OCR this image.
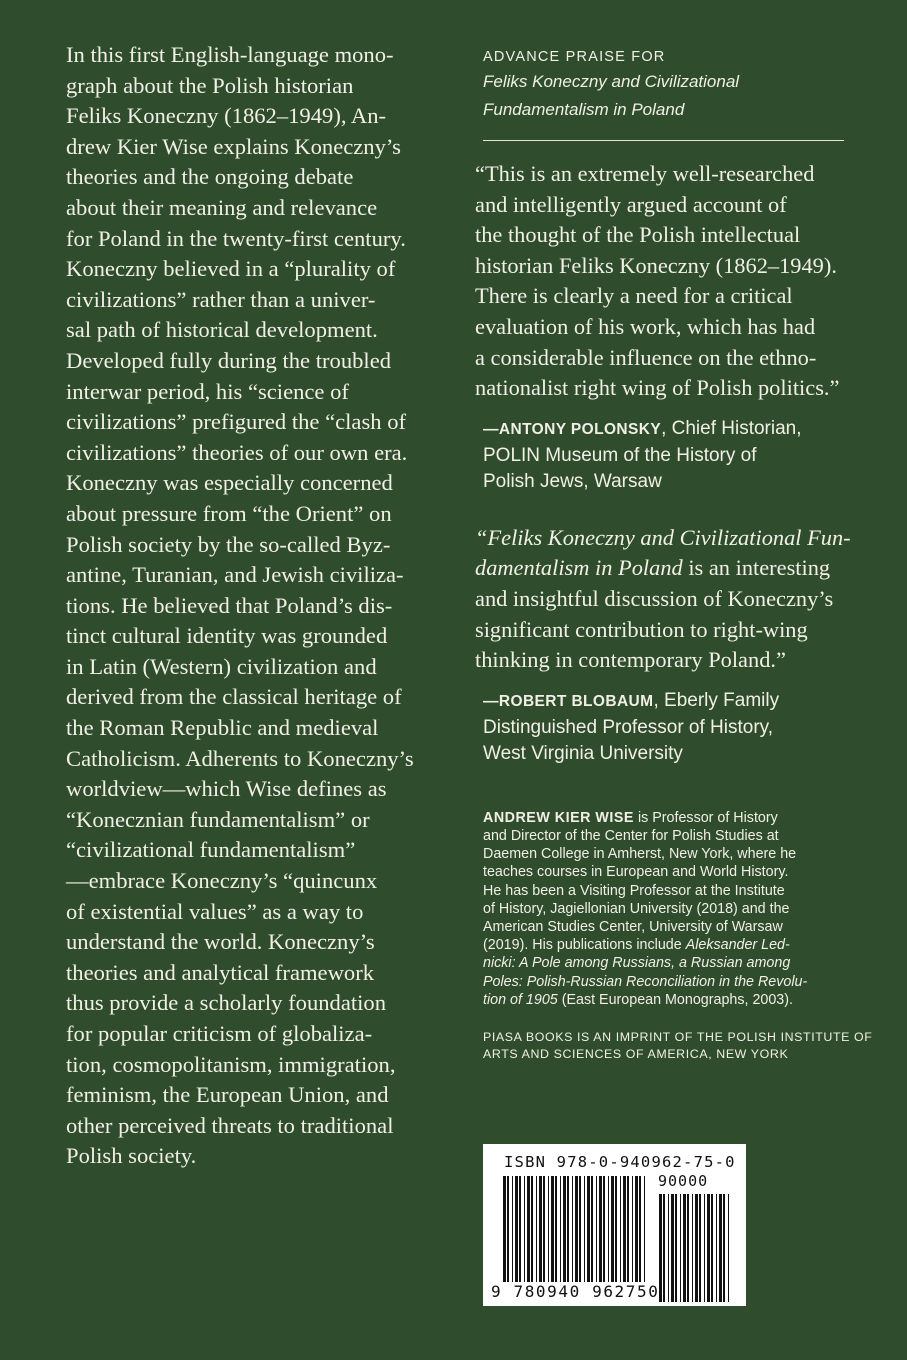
In this first English-language mono-
graph about the Polish historian
Feliks Koneczny (1862–1949), An-
drew Kier Wise explains Koneczny’s
theories and the ongoing debate
about their meaning and relevance
for Poland in the twenty-first century.
Koneczny believed in a “plurality of
civilizations” rather than a univer-
sal path of historical development.
Developed fully during the troubled
interwar period, his “science of
civilizations” prefigured the “clash of
civilizations” theories of our own era.
Koneczny was especially concerned
about pressure from “the Orient” on
Polish society by the so-called Byz-
antine, Turanian, and Jewish civiliza-
tions. He believed that Poland’s dis-
tinct cultural identity was grounded
in Latin (Western) civilization and
derived from the classical heritage of
the Roman Republic and medieval
Catholicism. Adherents to Koneczny’s
worldview—which Wise defines as
“Konecznian fundamentalism” or
“civilizational fundamentalism”
—embrace Koneczny’s “quincunx
of existential values” as a way to
understand the world. Koneczny’s
theories and analytical framework
thus provide a scholarly foundation
for popular criticism of globaliza-
tion, cosmopolitanism, immigration,
feminism, the European Union, and
other perceived threats to traditional
Polish society.
ADVANCE PRAISE FOR
Feliks Koneczny and Civilizational
Fundamentalism in Poland
“This is an extremely well-researched
and intelligently argued account of
the thought of the Polish intellectual
historian Feliks Koneczny (1862–1949).
There is clearly a need for a critical
evaluation of his work, which has had
a considerable influence on the ethno-
nationalist right wing of Polish politics.”
—ANTONY POLONSKY, Chief Historian,
POLIN Museum of the History of
Polish Jews, Warsaw
“Feliks Koneczny and Civilizational Fun-
damentalism in Poland is an interesting
and insightful discussion of Koneczny’s
significant contribution to right-wing
thinking in contemporary Poland.”
—ROBERT BLOBAUM, Eberly Family
Distinguished Professor of History,
West Virginia University
ANDREW KIER WISE is Professor of History
and Director of the Center for Polish Studies at
Daemen College in Amherst, New York, where he
teaches courses in European and World History.
He has been a Visiting Professor at the Institute
of History, Jagiellonian University (2018) and the
American Studies Center, University of Warsaw
(2019). His publications include Aleksander Led-
nicki: A Pole among Russians, a Russian among
Poles: Polish-Russian Reconciliation in the Revolu-
tion of 1905 (East European Monographs, 2003).
PIASA BOOKS IS AN IMPRINT OF THE POLISH INSTITUTE OF
ARTS AND SCIENCES OF AMERICA, NEW YORK
ISBN 978-0-940962-75-0
90000
9 780940 962750
